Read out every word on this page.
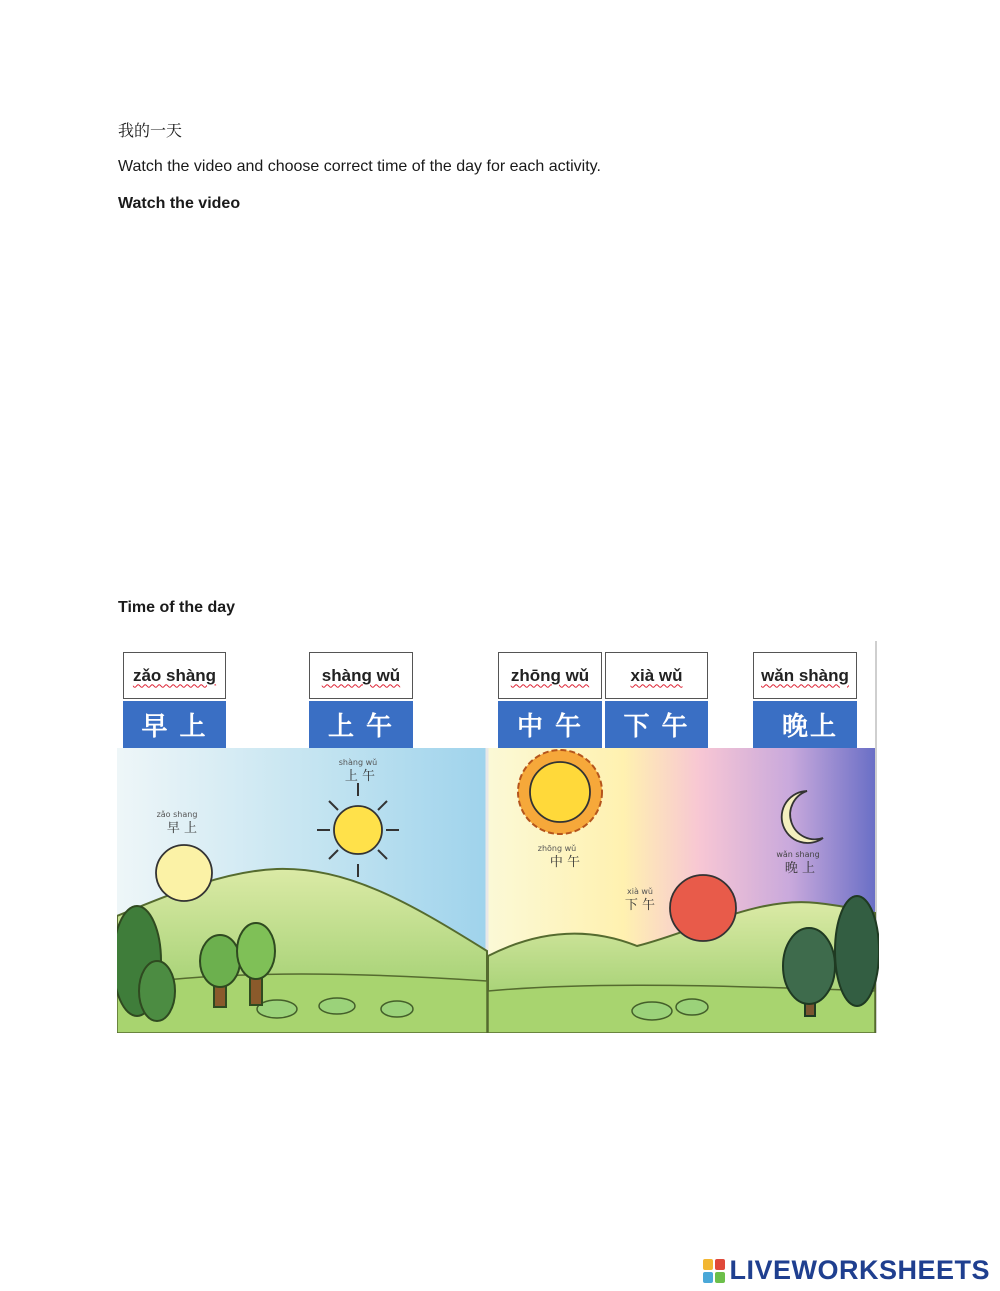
我的一天
Watch the video and choose correct time of the day for each activity.
Watch the video
Time of the day
zǎo shang
早 上
shàng wǔ
上 午
zhōng wǔ
中 午
xià wǔ
下 午
wǎn shang
晚 上
zǎo shàng
早上
shàng wǔ
上午
zhōng wǔ
中午
xià wǔ
下午
wǎn shàng
晚上
LIVEWORKSHEETS
